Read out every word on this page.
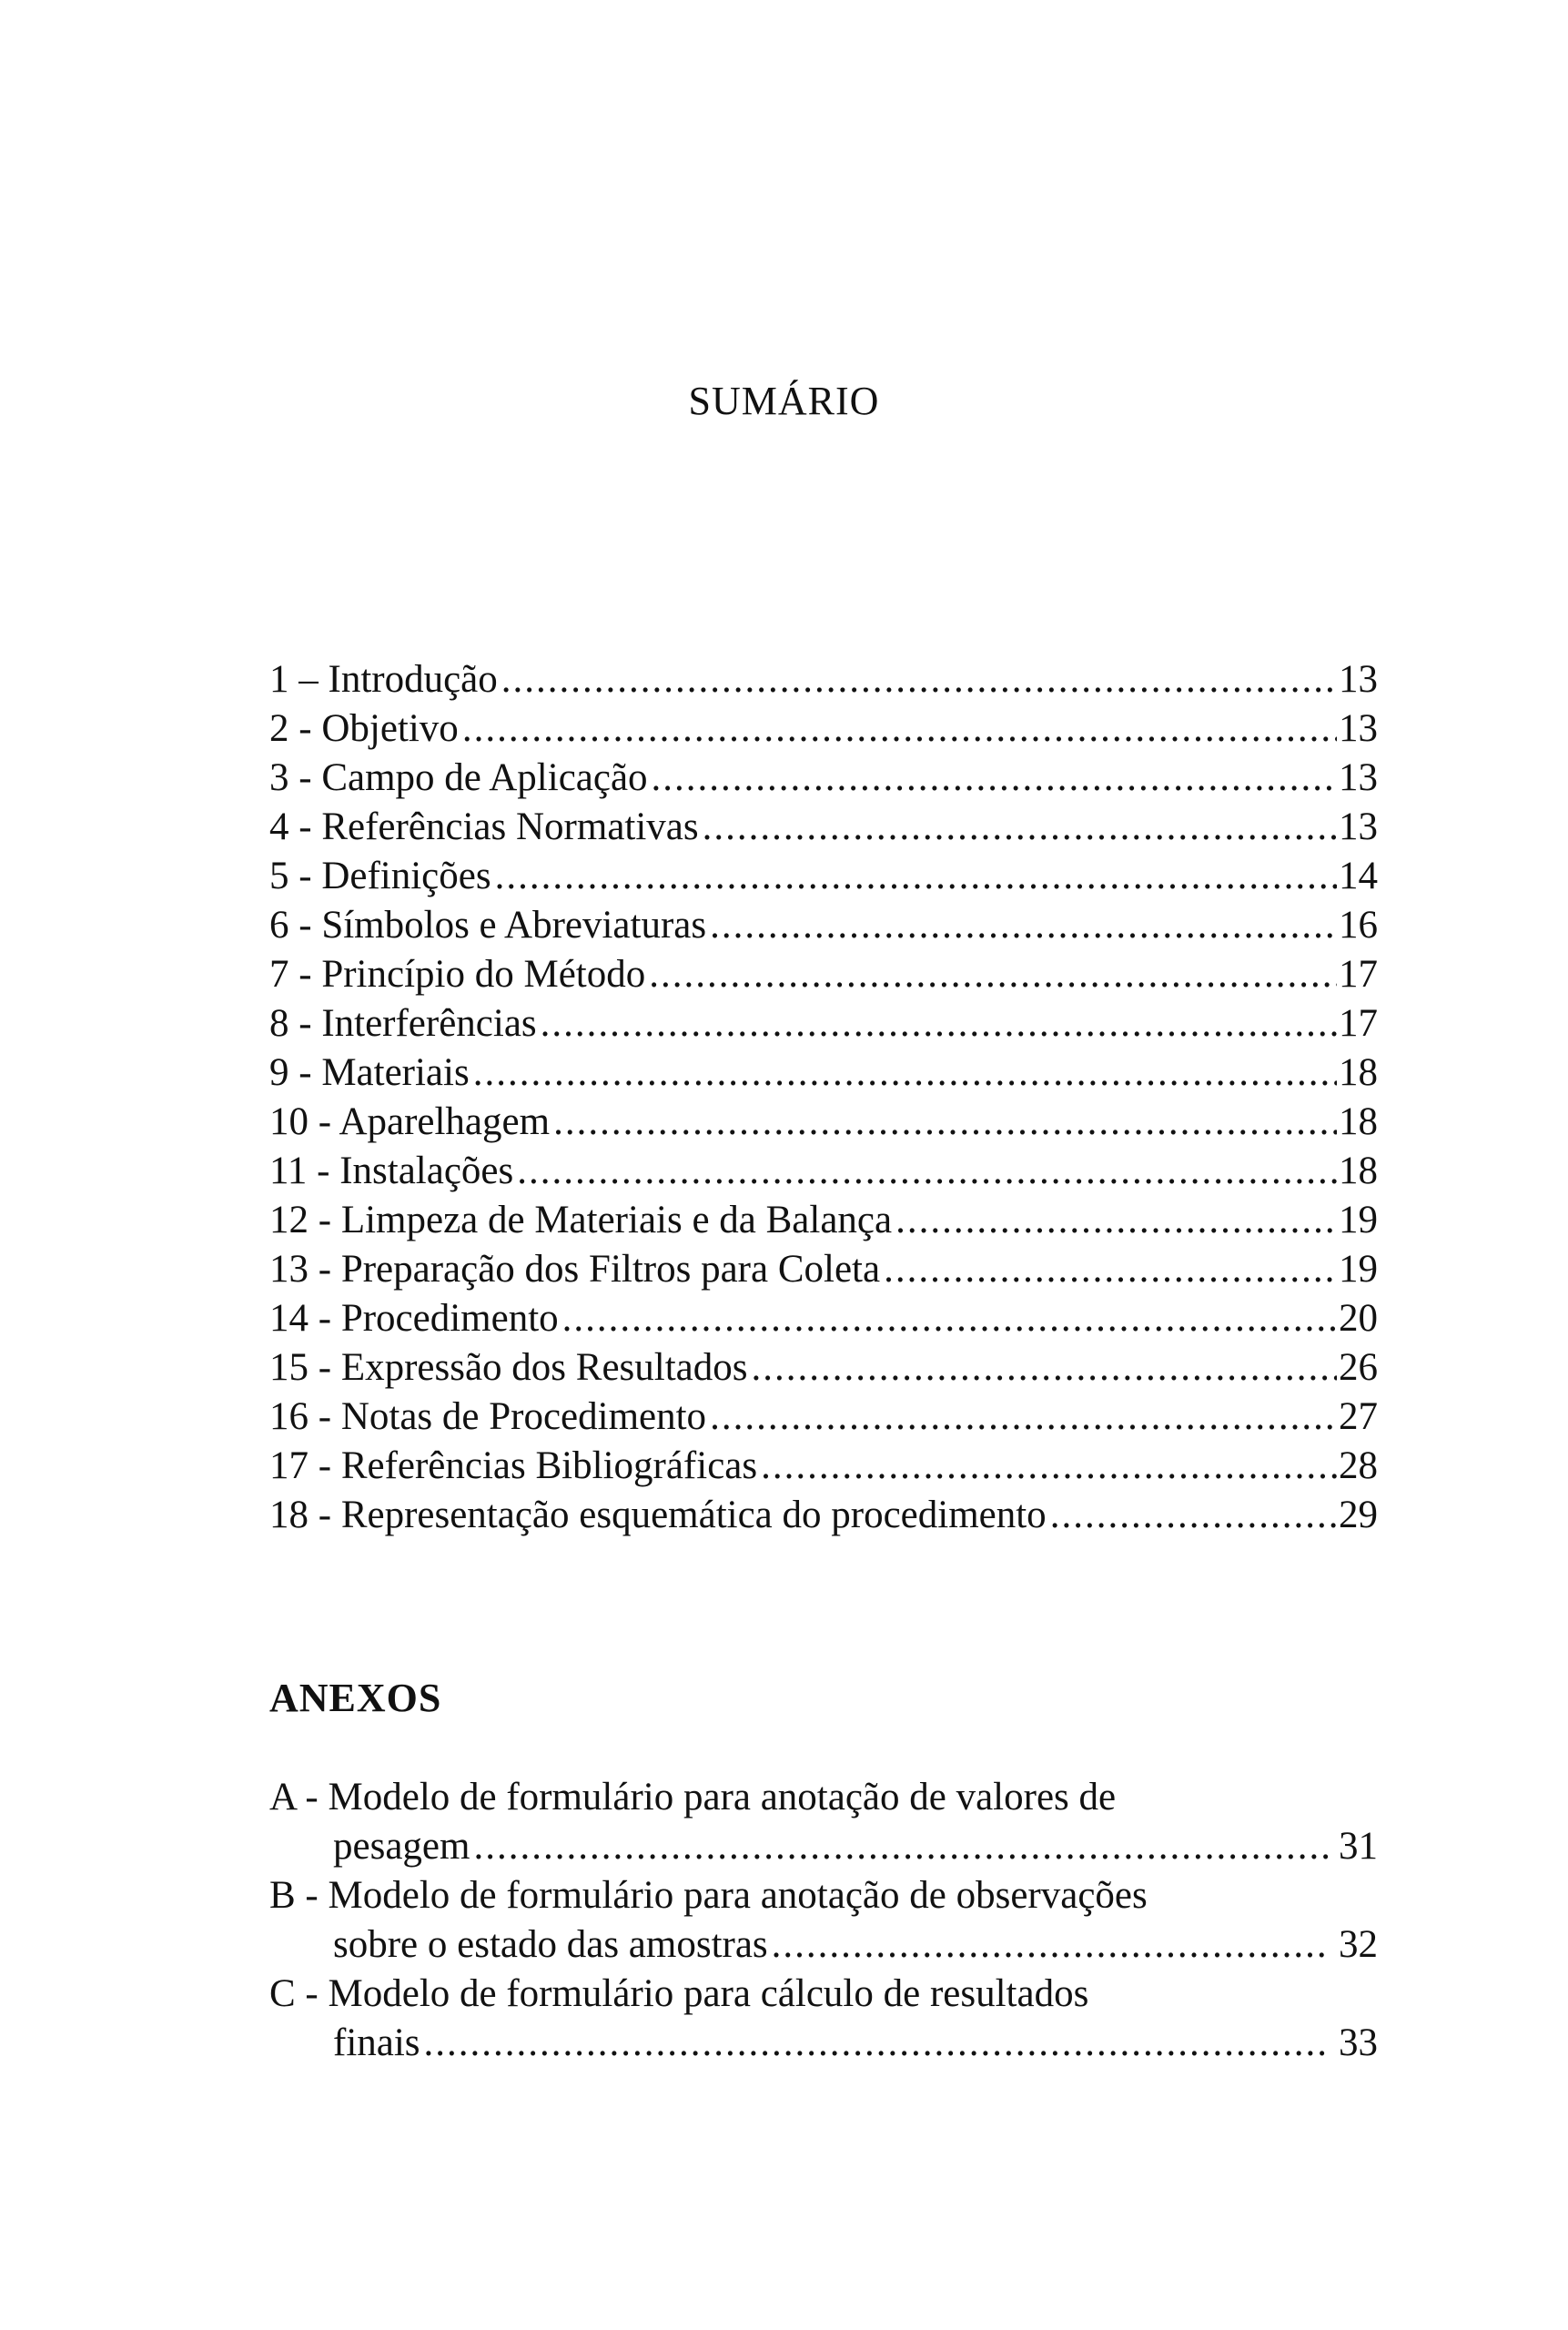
SUMÁRIO
1 – Introdução .....	13
2 - Objetivo .....	13
3 - Campo de Aplicação .....	13
4 - Referências Normativas .....	13
5 - Definições .....	14
6 - Símbolos e Abreviaturas .....	16
7 - Princípio do Método .....	17
8 - Interferências .....	17
9 - Materiais .....	18
10 - Aparelhagem .....	18
11 - Instalações .....	18
12 - Limpeza de Materiais e da Balança .....	19
13 - Preparação dos Filtros para Coleta .....	19
14 - Procedimento .....	20
15 - Expressão dos Resultados .....	26
16 - Notas de Procedimento .....	27
17 - Referências Bibliográficas .....	28
18 - Representação esquemática do procedimento .....	29
ANEXOS
A - Modelo de formulário para anotação de valores de
pesagem .....	31
B - Modelo de formulário para anotação de observações
sobre o estado das amostras .....	32
C - Modelo de formulário para cálculo de resultados
finais .....	33
